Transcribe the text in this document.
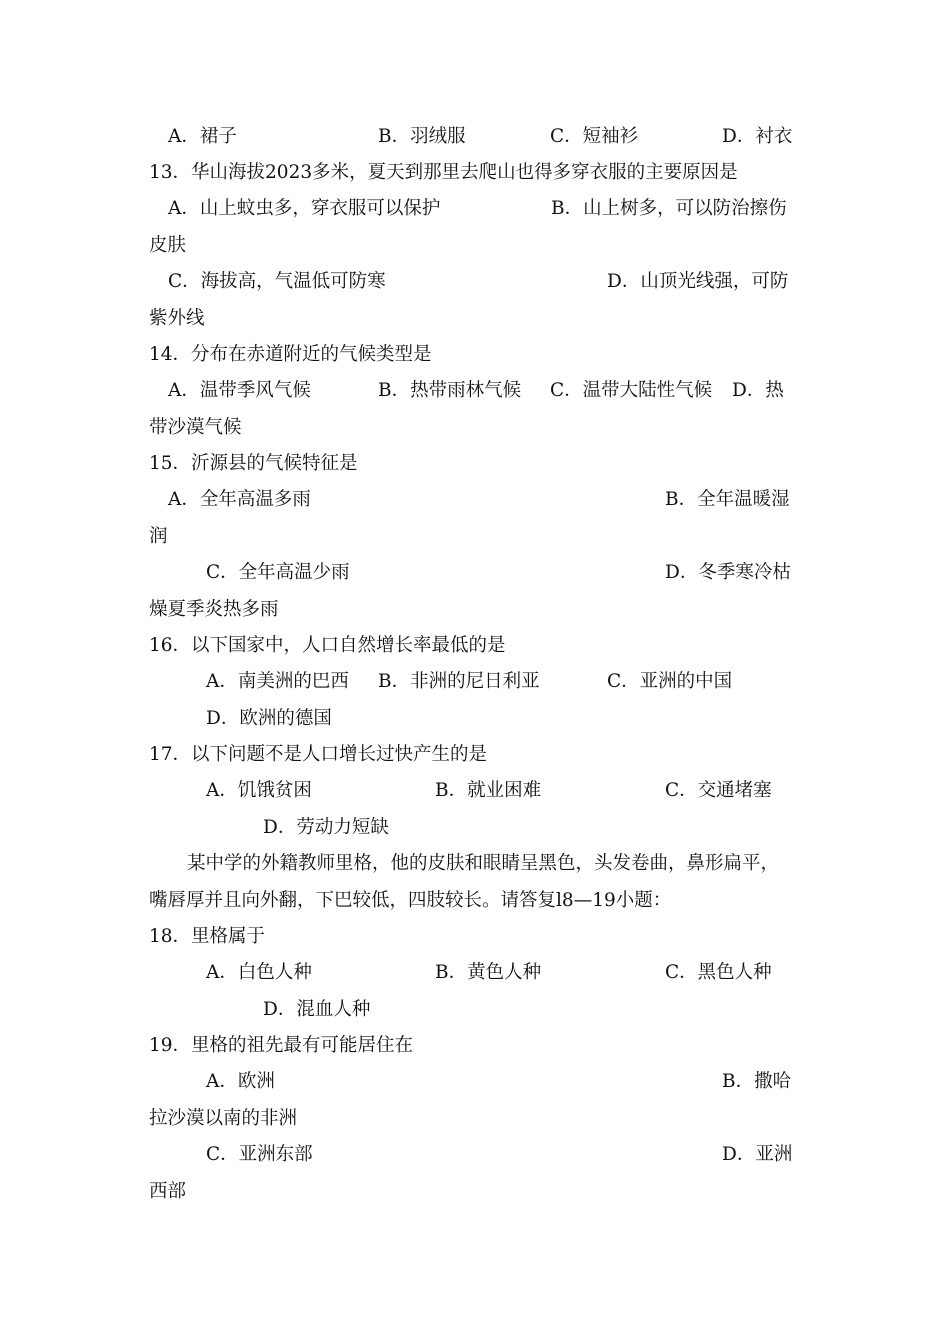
A．裙子	B．羽绒服	C．短袖衫	D．衬衣
13．华山海拔2023多米，夏天到那里去爬山也得多穿衣服的主要原因是
A．山上蚊虫多，穿衣服可以保护	B．山上树多，可以防治擦伤
皮肤
C．海拔高，气温低可防寒	D．山顶光线强，可防
紫外线
14．分布在赤道附近的气候类型是
A．温带季风气候	B．热带雨林气候 C．温带大陆性气候 D．热
带沙漠气候
15．沂源县的气候特征是
A．全年高温多雨	B．全年温暖湿
润
C．全年高温少雨	D．冬季寒冷枯
燥夏季炎热多雨
16．以下国家中，人口自然增长率最低的是
A．南美洲的巴西 B．非洲的尼日利亚	C．亚洲的中国
D．欧洲的德国
17．以下问题不是人口增长过快产生的是
A．饥饿贫困	B．就业困难	C．交通堵塞
D．劳动力短缺
某中学的外籍教师里格，他的皮肤和眼睛呈黑色，头发卷曲，鼻形扁平，
嘴唇厚并且向外翻，下巴较低，四肢较长。请答复l8—19小题：
18．里格属于
A．白色人种	B．黄色人种	C．黑色人种
D．混血人种
19．里格的祖先最有可能居住在
A．欧洲	B．撒哈
拉沙漠以南的非洲
C．亚洲东部	D．亚洲
西部
